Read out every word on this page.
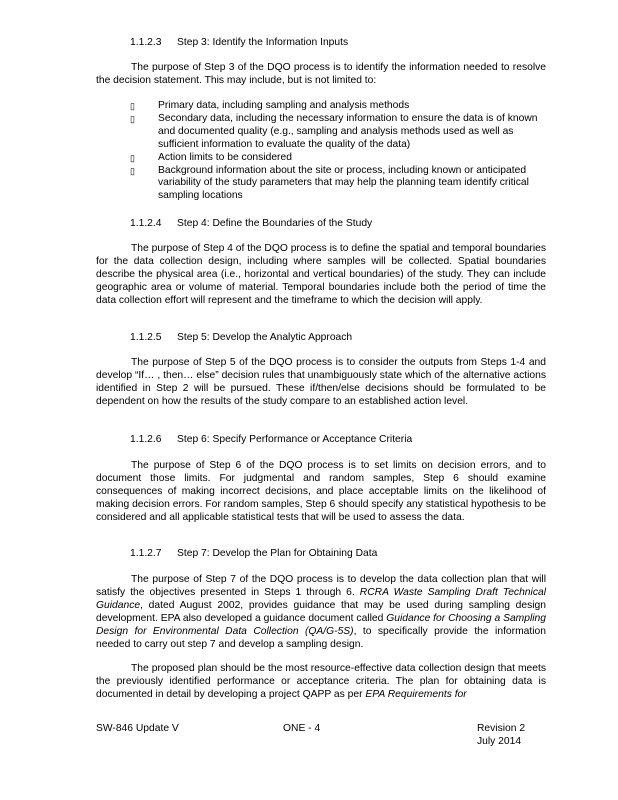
1.1.2.3 Step 3: Identify the Information Inputs
The purpose of Step 3 of the DQO process is to identify the information needed to resolve the decision statement. This may include, but is not limited to:
▯ Primary data, including sampling and analysis methods
▯ Secondary data, including the necessary information to ensure the data is of known and documented quality (e.g., sampling and analysis methods used as well as sufficient information to evaluate the quality of the data)
▯ Action limits to be considered
▯ Background information about the site or process, including known or anticipated variability of the study parameters that may help the planning team identify critical sampling locations
1.1.2.4 Step 4: Define the Boundaries of the Study
The purpose of Step 4 of the DQO process is to define the spatial and temporal boundaries for the data collection design, including where samples will be collected. Spatial boundaries describe the physical area (i.e., horizontal and vertical boundaries) of the study. They can include geographic area or volume of material. Temporal boundaries include both the period of time the data collection effort will represent and the timeframe to which the decision will apply.
1.1.2.5 Step 5: Develop the Analytic Approach
The purpose of Step 5 of the DQO process is to consider the outputs from Steps 1-4 and develop “If… , then… else” decision rules that unambiguously state which of the alternative actions identified in Step 2 will be pursued. These if/then/else decisions should be formulated to be dependent on how the results of the study compare to an established action level.
1.1.2.6 Step 6: Specify Performance or Acceptance Criteria
The purpose of Step 6 of the DQO process is to set limits on decision errors, and to document those limits. For judgmental and random samples, Step 6 should examine consequences of making incorrect decisions, and place acceptable limits on the likelihood of making decision errors. For random samples, Step 6 should specify any statistical hypothesis to be considered and all applicable statistical tests that will be used to assess the data.
1.1.2.7 Step 7: Develop the Plan for Obtaining Data
The purpose of Step 7 of the DQO process is to develop the data collection plan that will satisfy the objectives presented in Steps 1 through 6. RCRA Waste Sampling Draft Technical Guidance, dated August 2002, provides guidance that may be used during sampling design development. EPA also developed a guidance document called Guidance for Choosing a Sampling Design for Environmental Data Collection (QA/G-5S), to specifically provide the information needed to carry out step 7 and develop a sampling design.
The proposed plan should be the most resource-effective data collection design that meets the previously identified performance or acceptance criteria. The plan for obtaining data is documented in detail by developing a project QAPP as per EPA Requirements for
SW-846 Update V	ONE - 4	Revision 2
July 2014
